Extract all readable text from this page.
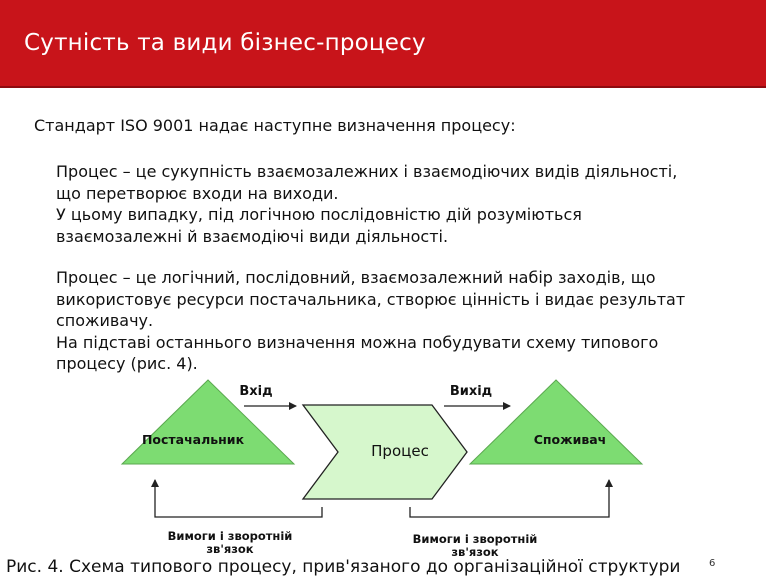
Сутність та види бізнес-процесу
Стандарт ISO 9001 надає наступне визначення процесу:
Процес – це сукупність взаємозалежних і взаємодіючих видів діяльності,
що перетворює входи на виходи.
У цьому випадку, під логічною послідовністю дій розуміються
взаємозалежні й взаємодіючі види діяльності.
Процес – це логічний, послідовний, взаємозалежний набір заходів, що
використовує ресурси постачальника, створює цінність і видає результат
споживачу.
На підставі останнього визначення можна побудувати схему типового
процесу (рис. 4).
Вхід	Вихід
Постачальник
Процес
Споживач
Вимоги і зворотній
зв'язок
Вимоги і зворотній
зв'язок
Рис. 4. Схема типового процесу, прив'язаного до організаційної структури	6
